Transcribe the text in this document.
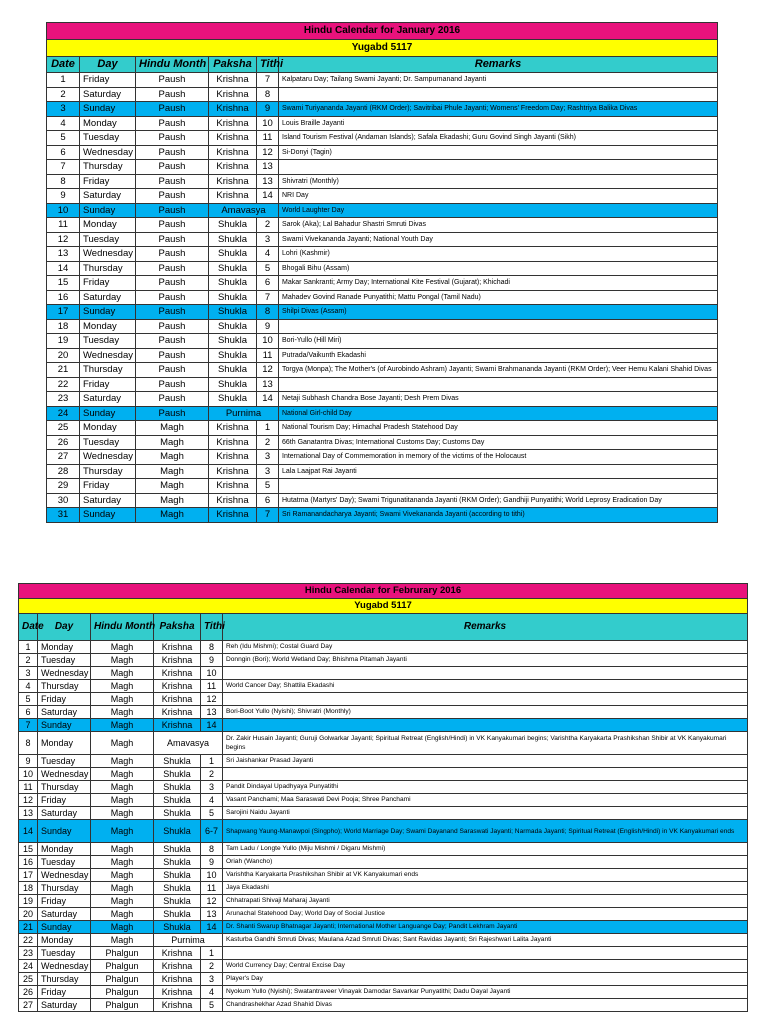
Hindu Calendar for January 2016					
Yugabd 5117					
Date	Day	Hindu Month	Paksha	Tithi	Remarks
1	Friday	Paush	Krishna	7	Kalpataru Day; Tailang Swami Jayanti; Dr. Sampurnanand Jayanti
2	Saturday	Paush	Krishna	8	
3	Sunday	Paush	Krishna	9	Swami Turiyananda Jayanti (RKM Order); Savitribai Phule Jayanti; Womens' Freedom Day; Rashtriya Balika Divas
4	Monday	Paush	Krishna	10	Louis Braille Jayanti
5	Tuesday	Paush	Krishna	11	Island Tourism Festival (Andaman Islands); Safala Ekadashi; Guru Govind Singh Jayanti (Sikh)
6	Wednesday	Paush	Krishna	12	Si-Donyi (Tagin)
7	Thursday	Paush	Krishna	13	
8	Friday	Paush	Krishna	13	Shivratri (Monthly)
9	Saturday	Paush	Krishna	14	NRI Day
10	Sunday	Paush	Amavasya		World Laughter Day
11	Monday	Paush	Shukla	2	Sarok (Aka); Lal Bahadur Shastri Smruti Divas
12	Tuesday	Paush	Shukla	3	Swami Vivekananda Jayanti; National Youth Day
13	Wednesday	Paush	Shukla	4	Lohri (Kashmir)
14	Thursday	Paush	Shukla	5	Bhogali Bihu (Assam)
15	Friday	Paush	Shukla	6	Makar Sankranti; Army Day; International Kite Festival (Gujarat); Khichadi
16	Saturday	Paush	Shukla	7	Mahadev Govind Ranade Punyatithi; Mattu Pongal (Tamil Nadu)
17	Sunday	Paush	Shukla	8	Shilpi Divas (Assam)
18	Monday	Paush	Shukla	9	
19	Tuesday	Paush	Shukla	10	Bori-Yullo (Hill Miri)
20	Wednesday	Paush	Shukla	11	Putrada/Vaikunth Ekadashi
21	Thursday	Paush	Shukla	12	Torgya (Monpa); The Mother's (of Aurobindo Ashram) Jayanti; Swami Brahmananda Jayanti (RKM Order); Veer Hemu Kalani Shahid Divas
22	Friday	Paush	Shukla	13	
23	Saturday	Paush	Shukla	14	Netaji Subhash Chandra Bose Jayanti; Desh Prem Divas
24	Sunday	Paush	Purnima		National Girl-child Day
25	Monday	Magh	Krishna	1	National Tourism Day; Himachal Pradesh Statehood Day
26	Tuesday	Magh	Krishna	2	66th Ganatantra Divas; International Customs Day; Customs Day
27	Wednesday	Magh	Krishna	3	International Day of Commemoration in memory of the victims of the Holocaust
28	Thursday	Magh	Krishna	3	Lala Laajpat Rai Jayanti
29	Friday	Magh	Krishna	5	
30	Saturday	Magh	Krishna	6	Hutatma (Martyrs' Day); Swami Trigunatitananda Jayanti (RKM Order); Gandhiji Punyatithi; World Leprosy Eradication Day
31	Sunday	Magh	Krishna	7	Sri Ramanandacharya Jayanti; Swami Vivekananda Jayanti (according to tithi)
Hindu Calendar for Februrary 2016					
Yugabd 5117					
Date	Day	Hindu Month	Paksha	Tithi	Remarks
1	Monday	Magh	Krishna	8	Reh (Idu Mishmi); Costal Guard Day
2	Tuesday	Magh	Krishna	9	Donngin (Bori); World Wetland Day; Bhishma Pitamah Jayanti
3	Wednesday	Magh	Krishna	10	
4	Thursday	Magh	Krishna	11	World Cancer Day; Shattila Ekadashi
5	Friday	Magh	Krishna	12	
6	Saturday	Magh	Krishna	13	Bori-Boot Yullo (Nyishi); Shivratri (Monthly)
7	Sunday	Magh	Krishna	14	
8	Monday	Magh	Amavasya		Dr. Zakir Husain Jayanti; Guruji Golwarkar Jayanti; Spiritual Retreat (English/Hindi) in VK Kanyakumari begins; Varishtha Karyakarta Prashikshan Shibir at VK Kanyakumari begins
9	Tuesday	Magh	Shukla	1	Sri Jaishankar Prasad Jayanti
10	Wednesday	Magh	Shukla	2	
11	Thursday	Magh	Shukla	3	Pandit Dindayal Upadhyaya Punyatithi
12	Friday	Magh	Shukla	4	Vasant Panchami; Maa Saraswati Devi Pooja; Shree Panchami
13	Saturday	Magh	Shukla	5	Sarojini Naidu Jayanti
14	Sunday	Magh	Shukla	6-7	Shapwang Yaung-Manawpoi (Singpho); World Marriage Day; Swami Dayanand Saraswati Jayanti; Narmada Jayanti; Spiritual Retreat (English/Hindi) in VK Kanyakumari ends
15	Monday	Magh	Shukla	8	Tam Ladu / Longte Yullo (Miju Mishmi / Digaru Mishmi)
16	Tuesday	Magh	Shukla	9	Oriah (Wancho)
17	Wednesday	Magh	Shukla	10	Varishtha Karyakarta Prashikshan Shibir at VK Kanyakumari ends
18	Thursday	Magh	Shukla	11	Jaya Ekadashi
19	Friday	Magh	Shukla	12	Chhatrapati Shivaji Maharaj Jayanti
20	Saturday	Magh	Shukla	13	Arunachal Statehood Day; World Day of Social Justice
21	Sunday	Magh	Shukla	14	Dr. Shanti Swarup Bhatnagar Jayanti; International Mother Languange Day; Pandit Lekhram Jayanti
22	Monday	Magh	Purnima		Kasturba Gandhi Smruti Divas; Maulana Azad Smruti Divas; Sant Ravidas Jayanti; Sri Rajeshwari Lalita Jayanti
23	Tuesday	Phalgun	Krishna	1	
24	Wednesday	Phalgun	Krishna	2	World Currency Day; Central Excise Day
25	Thursday	Phalgun	Krishna	3	Player's Day
26	Friday	Phalgun	Krishna	4	Nyokum Yullo (Nyishi); Swatantraveer Vinayak Damodar Savarkar Punyatithi; Dadu Dayal Jayanti
27	Saturday	Phalgun	Krishna	5	Chandrashekhar Azad Shahid Divas
